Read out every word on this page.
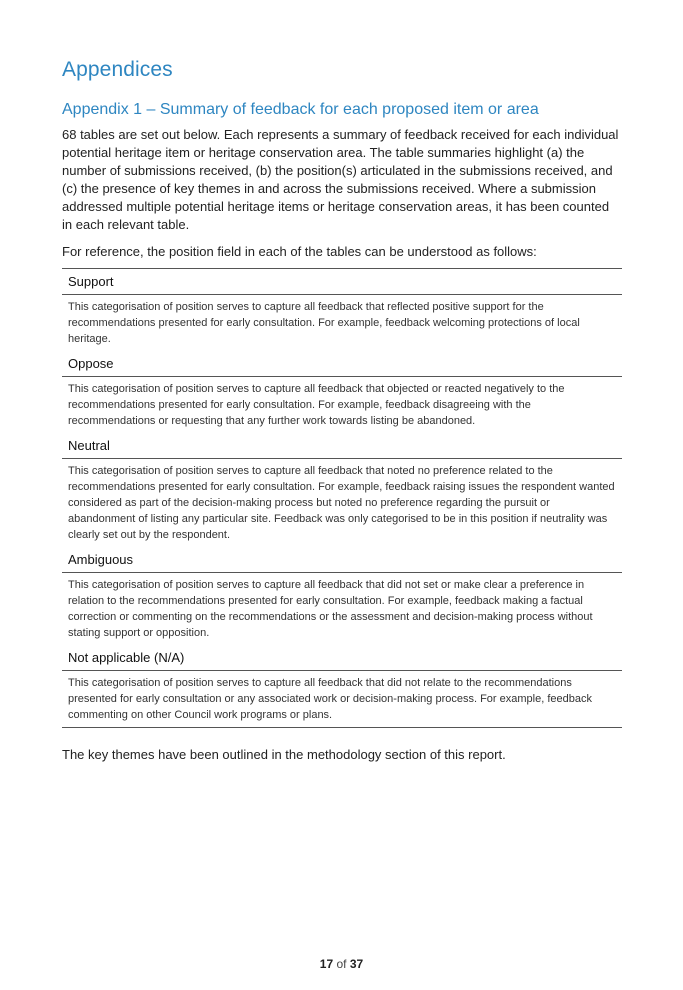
Appendices
Appendix 1 – Summary of feedback for each proposed item or area

68 tables are set out below. Each represents a summary of feedback received for each individual potential heritage item or heritage conservation area. The table summaries highlight (a) the number of submissions received, (b) the position(s) articulated in the submissions received, and (c) the presence of key themes in and across the submissions received. Where a submission addressed multiple potential heritage items or heritage conservation areas, it has been counted in each relevant table.

For reference, the position field in each of the tables can be understood as follows:

Support
This categorisation of position serves to capture all feedback that reflected positive support for the recommendations presented for early consultation. For example, feedback welcoming protections of local heritage.
Oppose
This categorisation of position serves to capture all feedback that objected or reacted negatively to the recommendations presented for early consultation. For example, feedback disagreeing with the recommendations or requesting that any further work towards listing be abandoned.
Neutral
This categorisation of position serves to capture all feedback that noted no preference related to the recommendations presented for early consultation. For example, feedback raising issues the respondent wanted considered as part of the decision-making process but noted no preference regarding the pursuit or abandonment of listing any particular site. Feedback was only categorised to be in this position if neutrality was clearly set out by the respondent.
Ambiguous
This categorisation of position serves to capture all feedback that did not set or make clear a preference in relation to the recommendations presented for early consultation. For example, feedback making a factual correction or commenting on the recommendations or the assessment and decision-making process without stating support or opposition.
Not applicable (N/A)
This categorisation of position serves to capture all feedback that did not relate to the recommendations presented for early consultation or any associated work or decision-making process. For example, feedback commenting on other Council work programs or plans.

The key themes have been outlined in the methodology section of this report.

17 of 37
